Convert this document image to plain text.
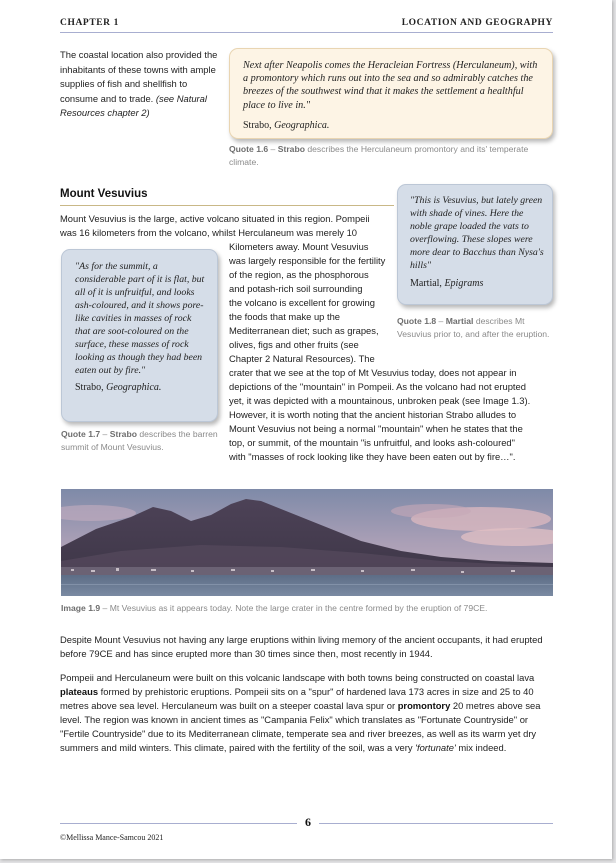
CHAPTER 1	LOCATION AND GEOGRAPHY

The coastal location also provided the inhabitants of these towns with ample supplies of fish and shellfish to consume and to trade. (see Natural Resources chapter 2)

Next after Neapolis comes the Heracleian Fortress (Herculaneum), with a promontory which runs out into the sea and so admirably catches the breezes of the southwest wind that it makes the settlement a healthful place to live in."
Strabo, Geographica.

Quote 1.6 – Strabo describes the Herculaneum promontory and its' temperate climate.

Mount Vesuvius
"This is Vesuvius, but lately green with shade of vines. Here the noble grape loaded the vats to overflowing. These slopes were more dear to Bacchus than Nysa's hills"
Martial, Epigrams

Quote 1.8 – Martial describes Mt Vesuvius prior to, and after the eruption.

Mount Vesuvius is the large, active volcano situated in this region. Pompeii
was 16 kilometers from the volcano, whilst Herculaneum was merely 10
"As for the summit, a considerable part of it is flat, but all of it is unfruitful, and looks ash-coloured, and it shows pore-like cavities in masses of rock that are soot-coloured on the surface, these masses of rock looking as though they had been eaten out by fire."
Strabo, Geographica.

Quote 1.7 – Strabo describes the barren summit of Mount Vesuvius.

Kilometers away. Mount Vesuvius
was largely responsible for the fertility
of the region, as the phosphorous
and potash-rich soil surrounding
the volcano is excellent for growing
the foods that make up the
Mediterranean diet; such as grapes,
olives, figs and other fruits (see
Chapter 2 Natural Resources). The
crater that we see at the top of Mt Vesuvius today, does not appear in
depictions of the "mountain" in Pompeii. As the volcano had not erupted
yet, it was depicted with a mountainous, unbroken peak (see Image 1.3).
However, it is worth noting that the ancient historian Strabo alludes to
Mount Vesuvius not being a normal "mountain" when he states that the
top, or summit, of the mountain "is unfruitful, and looks ash-coloured"
with "masses of rock looking like they have been eaten out by fire…".

Image 1.9 – Mt Vesuvius as it appears today. Note the large crater in the centre formed by the eruption of 79CE.

Despite Mount Vesuvius not having any large eruptions within living memory of the ancient occupants, it had erupted before 79CE and has since erupted more than 30 times since then, most recently in 1944.

Pompeii and Herculaneum were built on this volcanic landscape with both towns being constructed on coastal lava plateaus formed by prehistoric eruptions. Pompeii sits on a "spur" of hardened lava 173 acres in size and 25 to 40 metres above sea level. Herculaneum was built on a steeper coastal lava spur or promontory 20 metres above sea level. The region was known in ancient times as "Campania Felix" which translates as "Fortunate Countryside" or "Fertile Countryside" due to its Mediterranean climate, temperate sea and river breezes, as well as its warm yet dry summers and mild winters. This climate, paired with the fertility of the soil, was a very 'fortunate' mix indeed.

6
©Mellissa Mance-Samcou 2021
